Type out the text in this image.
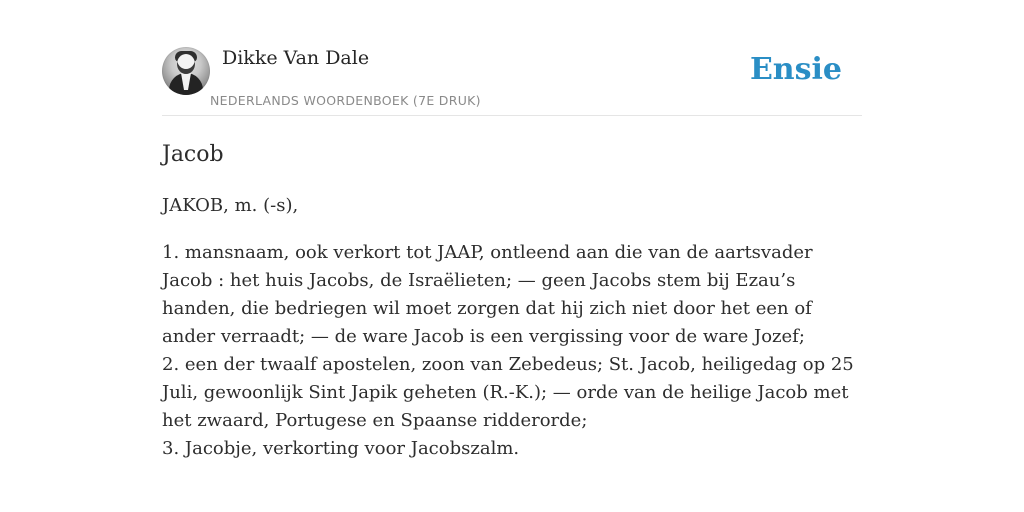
Dikke Van Dale
NEDERLANDS WOORDENBOEK (7E DRUK)
Ensie
Jacob

JAKOB, m. (-s),

1. mansnaam, ook verkort tot JAAP, ontleend aan die van de aartsvader Jacob : het huis Jacobs, de Israëlieten; — geen Jacobs stem bij Ezau’s handen, die bedriegen wil moet zorgen dat hij zich niet door het een of ander verraadt; — de ware Jacob is een vergissing voor de ware Jozef;

2. een der twaalf apostelen, zoon van Zebedeus; St. Jacob, heiligedag op 25 Juli, gewoonlijk Sint Japik geheten (R.-K.); — orde van de heilige Jacob met het zwaard, Portugese en Spaanse ridderorde;

3. Jacobje, verkorting voor Jacobszalm.
